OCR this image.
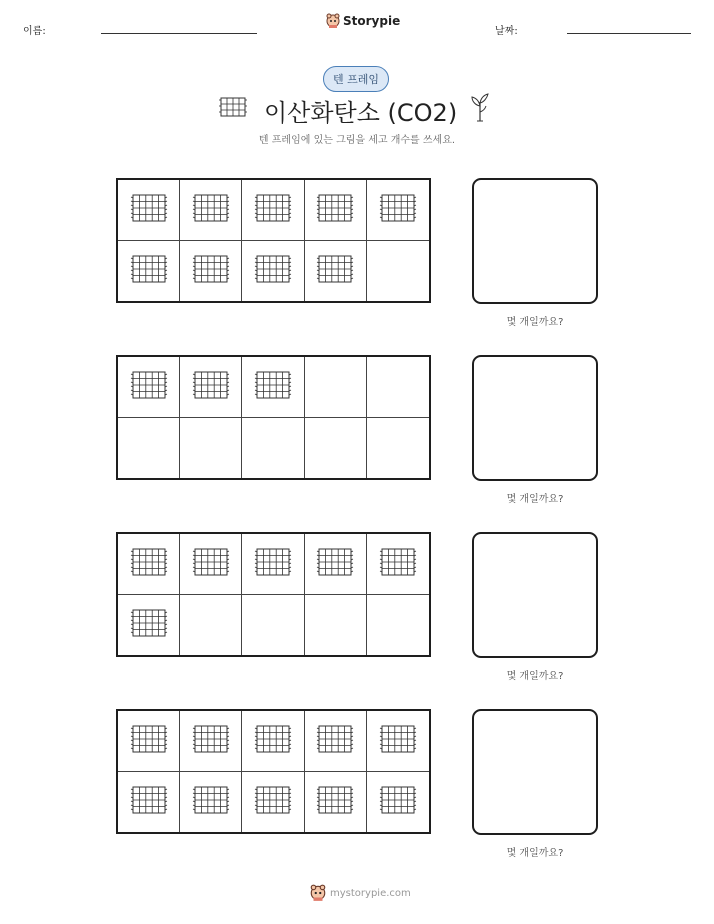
이름:
Storypie
날짜:
텐 프레임
이산화탄소 (CO2)
텐 프레임에 있는 그림을 세고 개수를 쓰세요.
몇 개일까요?
몇 개일까요?
몇 개일까요?
몇 개일까요?
mystorypie.com
